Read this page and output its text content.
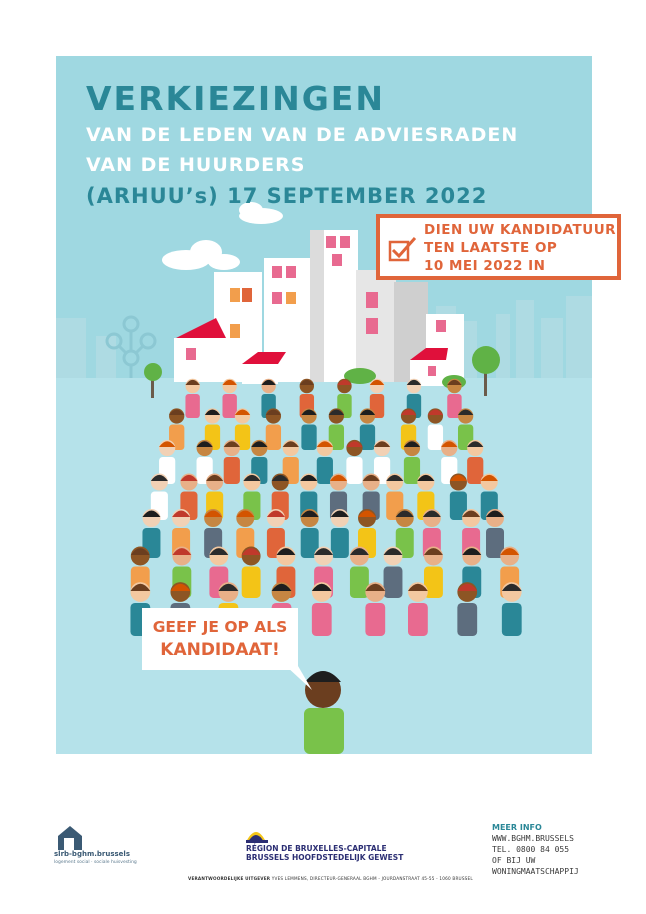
VERKIEZINGEN
VAN DE LEDEN VAN DE ADVIESRADEN
VAN DE HUURDERS
(ARHUU’s) 17 SEPTEMBER 2022
DIEN UW KANDIDATUUR
TEN LAATSTE OP
10 MEI 2022 IN
GEEF JE OP ALS
KANDIDAAT!
slrb-bghm.brussels
logement social · sociale huisvesting
RÉGION DE BRUXELLES-CAPITALE
BRUSSELS HOOFDSTEDELIJK GEWEST
VERANTWOORDELIJKE UITGEVER YVES LEMMENS, DIRECTEUR-GENERAAL BGHM - JOURDANSTRAAT 45-55 - 1060 BRUSSEL
MEER INFO
WWW.BGHM.BRUSSELS
TEL. 0800 84 055
OF BIJ UW
WONINGMAATSCHAPPIJ
